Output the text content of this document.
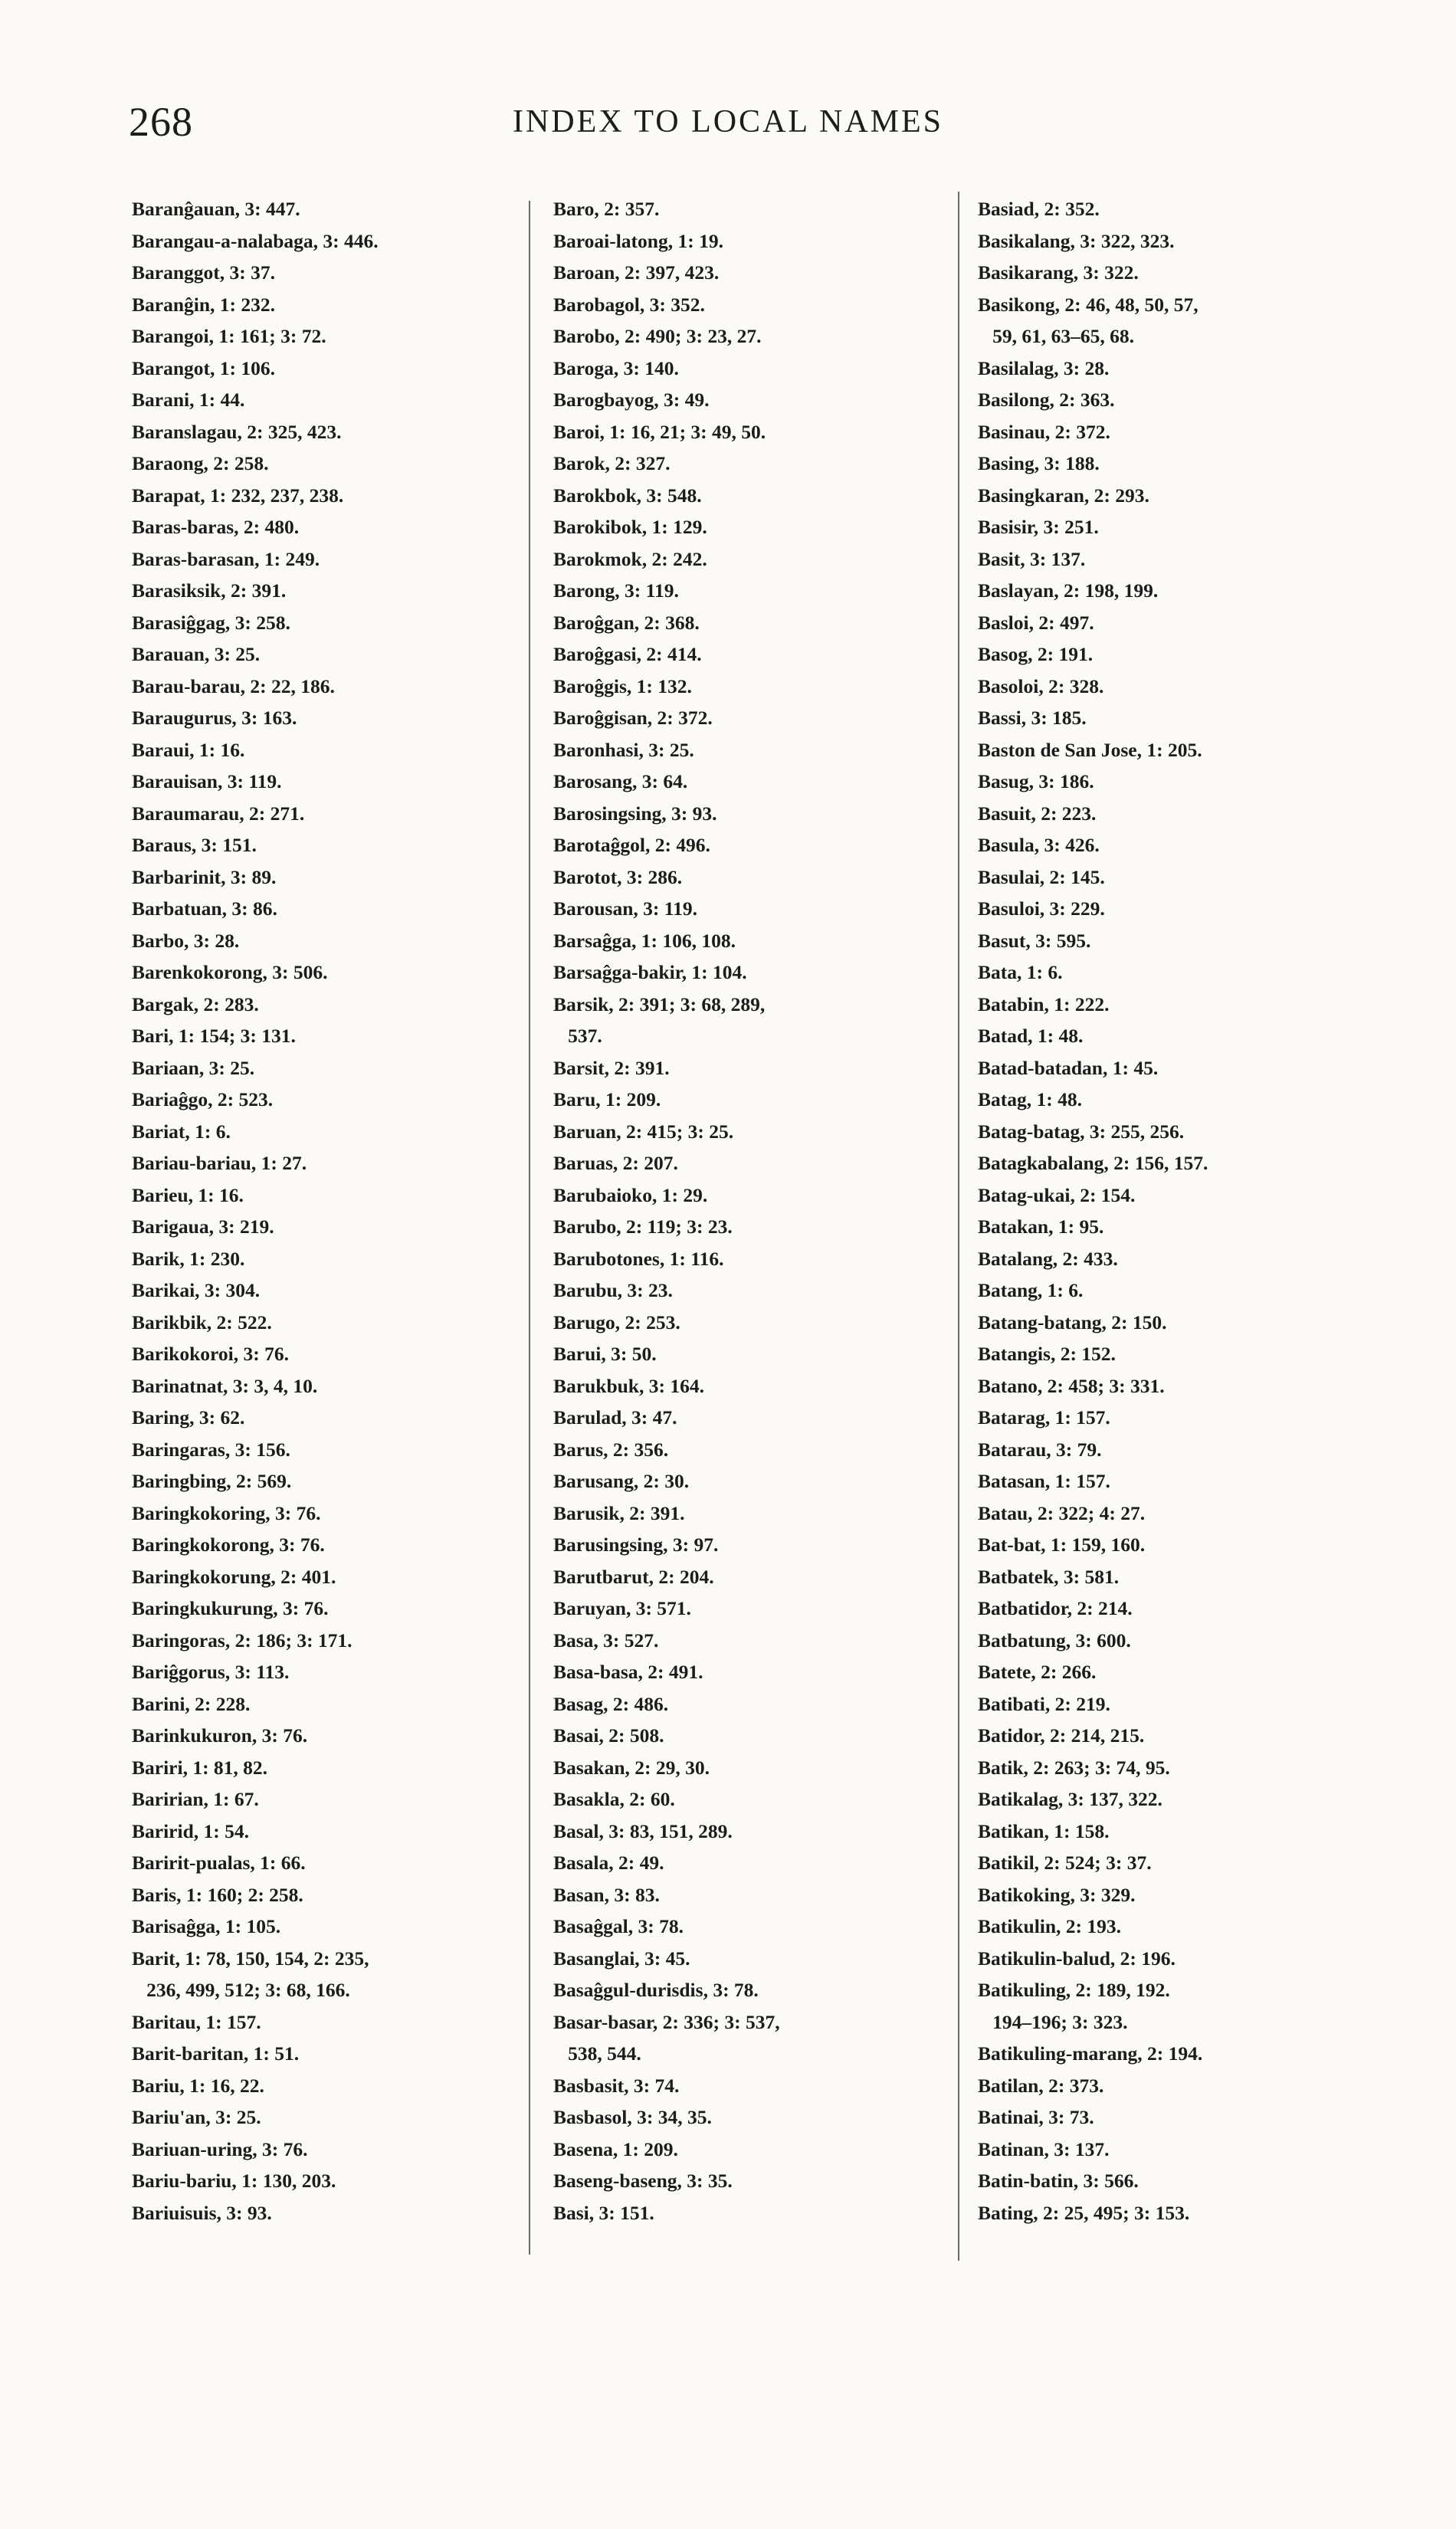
268	INDEX TO LOCAL NAMES
Baranĝauan, 3: 447.
Barangau-a-nalabaga, 3: 446.
Baranggot, 3: 37.
Baranĝin, 1: 232.
Barangoi, 1: 161; 3: 72.
Barangot, 1: 106.
Barani, 1: 44.
Baranslagau, 2: 325, 423.
Baraong, 2: 258.
Barapat, 1: 232, 237, 238.
Baras-baras, 2: 480.
Baras-barasan, 1: 249.
Barasiksik, 2: 391.
Barasiĝgag, 3: 258.
Barauan, 3: 25.
Barau-barau, 2: 22, 186.
Baraugurus, 3: 163.
Baraui, 1: 16.
Barauisan, 3: 119.
Baraumarau, 2: 271.
Baraus, 3: 151.
Barbarinit, 3: 89.
Barbatuan, 3: 86.
Barbo, 3: 28.
Barenkokorong, 3: 506.
Bargak, 2: 283.
Bari, 1: 154; 3: 131.
Bariaan, 3: 25.
Bariaĝgo, 2: 523.
Bariat, 1: 6.
Bariau-bariau, 1: 27.
Barieu, 1: 16.
Barigaua, 3: 219.
Barik, 1: 230.
Barikai, 3: 304.
Barikbik, 2: 522.
Barikokoroi, 3: 76.
Barinatnat, 3: 3, 4, 10.
Baring, 3: 62.
Baringaras, 3: 156.
Baringbing, 2: 569.
Baringkokoring, 3: 76.
Baringkokorong, 3: 76.
Baringkokorung, 2: 401.
Baringkukurung, 3: 76.
Baringoras, 2: 186; 3: 171.
Bariĝgorus, 3: 113.
Barini, 2: 228.
Barinkukuron, 3: 76.
Bariri, 1: 81, 82.
Baririan, 1: 67.
Baririd, 1: 54.
Baririt-pualas, 1: 66.
Baris, 1: 160; 2: 258.
Barisaĝga, 1: 105.
Barit, 1: 78, 150, 154, 2: 235,
236, 499, 512; 3: 68, 166.
Baritau, 1: 157.
Barit-baritan, 1: 51.
Bariu, 1: 16, 22.
Bariu'an, 3: 25.
Bariuan-uring, 3: 76.
Bariu-bariu, 1: 130, 203.
Bariuisuis, 3: 93.
Baro, 2: 357.
Baroai-latong, 1: 19.
Baroan, 2: 397, 423.
Barobagol, 3: 352.
Barobo, 2: 490; 3: 23, 27.
Baroga, 3: 140.
Barogbayog, 3: 49.
Baroi, 1: 16, 21; 3: 49, 50.
Barok, 2: 327.
Barokbok, 3: 548.
Barokibok, 1: 129.
Barokmok, 2: 242.
Barong, 3: 119.
Baroĝgan, 2: 368.
Baroĝgasi, 2: 414.
Baroĝgis, 1: 132.
Baroĝgisan, 2: 372.
Baronhasi, 3: 25.
Barosang, 3: 64.
Barosingsing, 3: 93.
Barotaĝgol, 2: 496.
Barotot, 3: 286.
Barousan, 3: 119.
Barsaĝga, 1: 106, 108.
Barsaĝga-bakir, 1: 104.
Barsik, 2: 391; 3: 68, 289,
537.
Barsit, 2: 391.
Baru, 1: 209.
Baruan, 2: 415; 3: 25.
Baruas, 2: 207.
Barubaioko, 1: 29.
Barubo, 2: 119; 3: 23.
Barubotones, 1: 116.
Barubu, 3: 23.
Barugo, 2: 253.
Barui, 3: 50.
Barukbuk, 3: 164.
Barulad, 3: 47.
Barus, 2: 356.
Barusang, 2: 30.
Barusik, 2: 391.
Barusingsing, 3: 97.
Barutbarut, 2: 204.
Baruyan, 3: 571.
Basa, 3: 527.
Basa-basa, 2: 491.
Basag, 2: 486.
Basai, 2: 508.
Basakan, 2: 29, 30.
Basakla, 2: 60.
Basal, 3: 83, 151, 289.
Basala, 2: 49.
Basan, 3: 83.
Basaĝgal, 3: 78.
Basanglai, 3: 45.
Basaĝgul-durisdis, 3: 78.
Basar-basar, 2: 336; 3: 537,
538, 544.
Basbasit, 3: 74.
Basbasol, 3: 34, 35.
Basena, 1: 209.
Baseng-baseng, 3: 35.
Basi, 3: 151.
Basiad, 2: 352.
Basikalang, 3: 322, 323.
Basikarang, 3: 322.
Basikong, 2: 46, 48, 50, 57,
59, 61, 63–65, 68.
Basilalag, 3: 28.
Basilong, 2: 363.
Basinau, 2: 372.
Basing, 3: 188.
Basingkaran, 2: 293.
Basisir, 3: 251.
Basit, 3: 137.
Baslayan, 2: 198, 199.
Basloi, 2: 497.
Basog, 2: 191.
Basoloi, 2: 328.
Bassi, 3: 185.
Baston de San Jose, 1: 205.
Basug, 3: 186.
Basuit, 2: 223.
Basula, 3: 426.
Basulai, 2: 145.
Basuloi, 3: 229.
Basut, 3: 595.
Bata, 1: 6.
Batabin, 1: 222.
Batad, 1: 48.
Batad-batadan, 1: 45.
Batag, 1: 48.
Batag-batag, 3: 255, 256.
Batagkabalang, 2: 156, 157.
Batag-ukai, 2: 154.
Batakan, 1: 95.
Batalang, 2: 433.
Batang, 1: 6.
Batang-batang, 2: 150.
Batangis, 2: 152.
Batano, 2: 458; 3: 331.
Batarag, 1: 157.
Batarau, 3: 79.
Batasan, 1: 157.
Batau, 2: 322; 4: 27.
Bat-bat, 1: 159, 160.
Batbatek, 3: 581.
Batbatidor, 2: 214.
Batbatung, 3: 600.
Batete, 2: 266.
Batibati, 2: 219.
Batidor, 2: 214, 215.
Batik, 2: 263; 3: 74, 95.
Batikalag, 3: 137, 322.
Batikan, 1: 158.
Batikil, 2: 524; 3: 37.
Batikoking, 3: 329.
Batikulin, 2: 193.
Batikulin-balud, 2: 196.
Batikuling, 2: 189, 192.
194–196; 3: 323.
Batikuling-marang, 2: 194.
Batilan, 2: 373.
Batinai, 3: 73.
Batinan, 3: 137.
Batin-batin, 3: 566.
Bating, 2: 25, 495; 3: 153.
